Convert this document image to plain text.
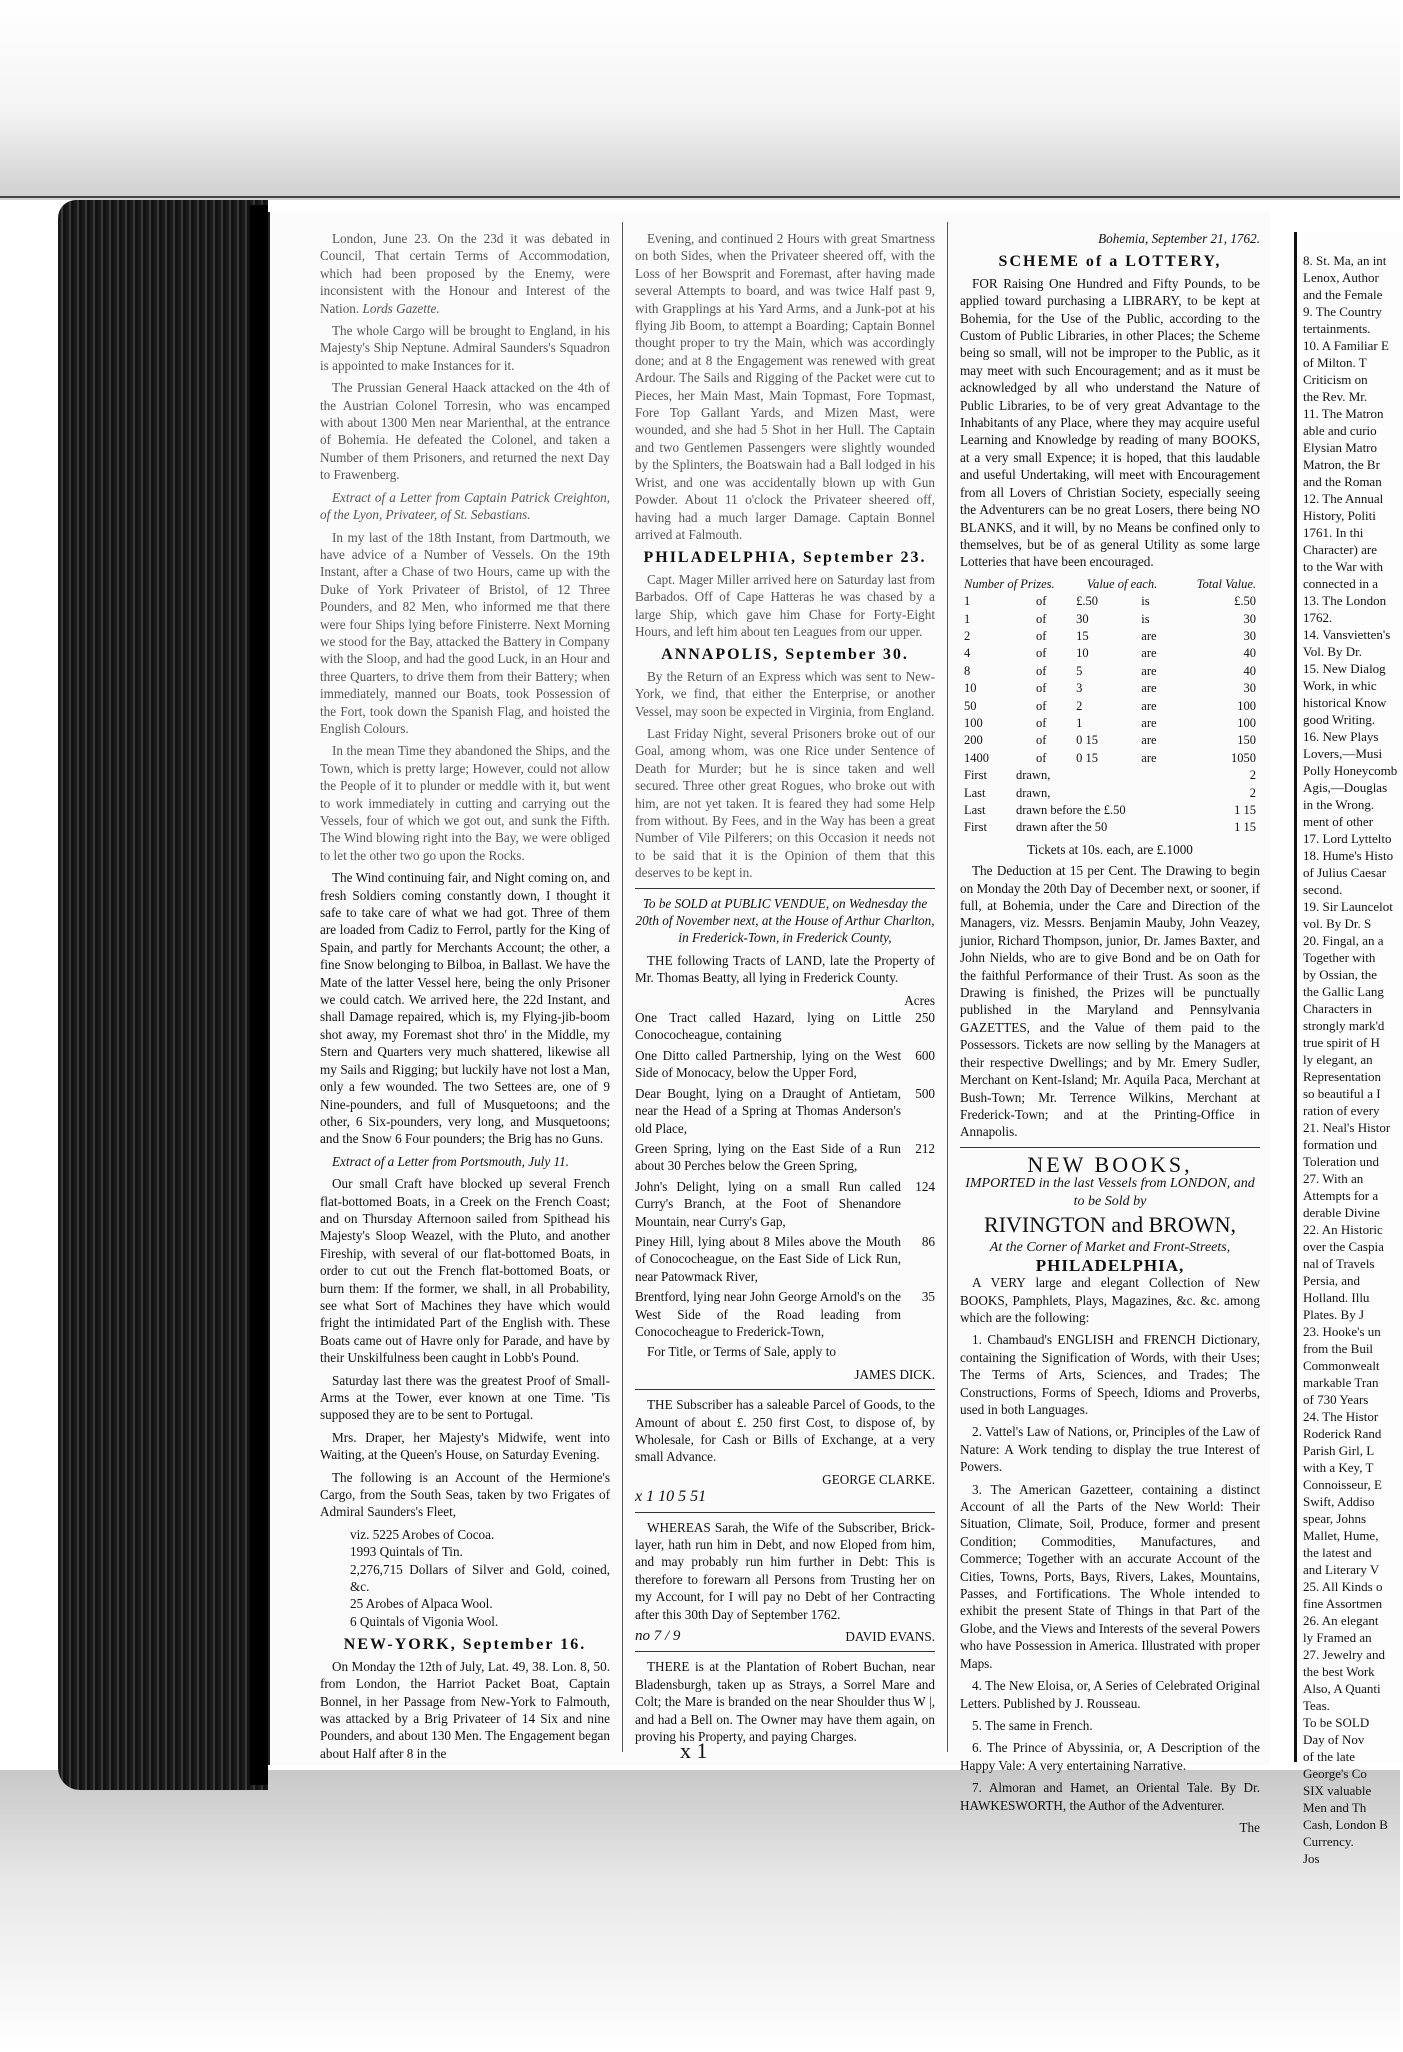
London, June 23. On the 23d it was debated in Council, That certain Terms of Accommodation, which had been proposed by the Enemy, were inconsistent with the Honour and Interest of the Nation. Lords Gazette.

The whole Cargo will be brought to England, in his Majesty's Ship Neptune. Admiral Saunders's Squadron is appointed to make Instances for it.

The Prussian General Haack attacked on the 4th of the Austrian Colonel Torresin, who was encamped with about 1300 Men near Marienthal, at the entrance of Bohemia. He defeated the Colonel, and taken a Number of them Prisoners, and returned the next Day to Frawenberg.

Extract of a Letter from Captain Patrick Creighton, of the Lyon, Privateer, of St. Sebastians.

In my last of the 18th Instant, from Dartmouth, we have advice of a Number of Vessels. On the 19th Instant, after a Chase of two Hours, came up with the Duke of York Privateer of Bristol, of 12 Three Pounders, and 82 Men, who informed me that there were four Ships lying before Finisterre. Next Morning we stood for the Bay, attacked the Battery in Company with the Sloop, and had the good Luck, in an Hour and three Quarters, to drive them from their Battery; when immediately, manned our Boats, took Possession of the Fort, took down the Spanish Flag, and hoisted the English Colours.

In the mean Time they abandoned the Ships, and the Town, which is pretty large; However, could not allow the People of it to plunder or meddle with it, but went to work immediately in cutting and carrying out the Vessels, four of which we got out, and sunk the Fifth. The Wind blowing right into the Bay, we were obliged to let the other two go upon the Rocks.

The Wind continuing fair, and Night coming on, and fresh Soldiers coming constantly down, I thought it safe to take care of what we had got. Three of them are loaded from Cadiz to Ferrol, partly for the King of Spain, and partly for Merchants Account; the other, a fine Snow belonging to Bilboa, in Ballast. We have the Mate of the latter Vessel here, being the only Prisoner we could catch. We arrived here, the 22d Instant, and shall Damage repaired, which is, my Flying-jib-boom shot away, my Foremast shot thro' in the Middle, my Stern and Quarters very much shattered, likewise all my Sails and Rigging; but luckily have not lost a Man, only a few wounded. The two Settees are, one of 9 Nine-pounders, and full of Musquetoons; and the other, 6 Six-pounders, very long, and Musquetoons; and the Snow 6 Four pounders; the Brig has no Guns.

Extract of a Letter from Portsmouth, July 11.

Our small Craft have blocked up several French flat-bottomed Boats, in a Creek on the French Coast; and on Thursday Afternoon sailed from Spithead his Majesty's Sloop Weazel, with the Pluto, and another Fireship, with several of our flat-bottomed Boats, in order to cut out the French flat-bottomed Boats, or burn them: If the former, we shall, in all Probability, see what Sort of Machines they have which would fright the intimidated Part of the English with. These Boats came out of Havre only for Parade, and have by their Unskilfulness been caught in Lobb's Pound.

Saturday last there was the greatest Proof of Small-Arms at the Tower, ever known at one Time. 'Tis supposed they are to be sent to Portugal.

Mrs. Draper, her Majesty's Midwife, went into Waiting, at the Queen's House, on Saturday Evening.

The following is an Account of the Hermione's Cargo, from the South Seas, taken by two Frigates of Admiral Saunders's Fleet,

viz. 5225 Arobes of Cocoa.
1993 Quintals of Tin.
2,276,715 Dollars of Silver and Gold, coined, &c.
25 Arobes of Alpaca Wool.
6 Quintals of Vigonia Wool.
NEW-YORK, September 16.

On Monday the 12th of July, Lat. 49, 38. Lon. 8, 50. from London, the Harriot Packet Boat, Captain Bonnel, in her Passage from New-York to Falmouth, was attacked by a Brig Privateer of 14 Six and nine Pounders, and about 130 Men. The Engagement began about Half after 8 in the

Evening, and continued 2 Hours with great Smartness on both Sides, when the Privateer sheered off, with the Loss of her Bowsprit and Foremast, after having made several Attempts to board, and was twice Half past 9, with Grapplings at his Yard Arms, and a Junk-pot at his flying Jib Boom, to attempt a Boarding; Captain Bonnel thought proper to try the Main, which was accordingly done; and at 8 the Engagement was renewed with great Ardour. The Sails and Rigging of the Packet were cut to Pieces, her Main Mast, Main Topmast, Fore Topmast, Fore Top Gallant Yards, and Mizen Mast, were wounded, and she had 5 Shot in her Hull. The Captain and two Gentlemen Passengers were slightly wounded by the Splinters, the Boatswain had a Ball lodged in his Wrist, and one was accidentally blown up with Gun Powder. About 11 o'clock the Privateer sheered off, having had a much larger Damage. Captain Bonnel arrived at Falmouth.

PHILADELPHIA, September 23.

Capt. Mager Miller arrived here on Saturday last from Barbados. Off of Cape Hatteras he was chased by a large Ship, which gave him Chase for Forty-Eight Hours, and left him about ten Leagues from our upper.

ANNAPOLIS, September 30.

By the Return of an Express which was sent to New-York, we find, that either the Enterprise, or another Vessel, may soon be expected in Virginia, from England.

Last Friday Night, several Prisoners broke out of our Goal, among whom, was one Rice under Sentence of Death for Murder; but he is since taken and well secured. Three other great Rogues, who broke out with him, are not yet taken. It is feared they had some Help from without. By Fees, and in the Way has been a great Number of Vile Pilferers; on this Occasion it needs not to be said that it is the Opinion of them that this deserves to be kept in.

To be SOLD at PUBLIC VENDUE, on Wednesday the 20th of November next, at the House of Arthur Charlton, in Frederick-Town, in Frederick County,

THE following Tracts of LAND, late the Property of Mr. Thomas Beatty, all lying in Frederick County.

Acres
One Tract called Hazard, lying on Little Conococheague, containing
250
One Ditto called Partnership, lying on the West Side of Monocacy, below the Upper Ford,
600
Dear Bought, lying on a Draught of Antietam, near the Head of a Spring at Thomas Anderson's old Place,
500
Green Spring, lying on the East Side of a Run about 30 Perches below the Green Spring,
212
John's Delight, lying on a small Run called Curry's Branch, at the Foot of Shenandore Mountain, near Curry's Gap,
124
Piney Hill, lying about 8 Miles above the Mouth of Conococheague, on the East Side of Lick Run, near Patowmack River,
86
Brentford, lying near John George Arnold's on the West Side of the Road leading from Conococheague to Frederick-Town,
35

For Title, or Terms of Sale, apply to

JAMES DICK.

THE Subscriber has a saleable Parcel of Goods, to the Amount of about £. 250 first Cost, to dispose of, by Wholesale, for Cash or Bills of Exchange, at a very small Advance.

GEORGE CLARKE.
x 1 10 5 51

WHEREAS Sarah, the Wife of the Subscriber, Brick-layer, hath run him in Debt, and now Eloped from him, and may probably run him further in Debt: This is therefore to forewarn all Persons from Trusting her on my Account, for I will pay no Debt of her Contracting after this 30th Day of September 1762.

no 7 / 9	DAVID EVANS.

THERE is at the Plantation of Robert Buchan, near Bladensburgh, taken up as Strays, a Sorrel Mare and Colt; the Mare is branded on the near Shoulder thus W |, and had a Bell on. The Owner may have them again, on proving his Property, and paying Charges.

Bohemia, September 21, 1762.
SCHEME of a LOTTERY,

FOR Raising One Hundred and Fifty Pounds, to be applied toward purchasing a LIBRARY, to be kept at Bohemia, for the Use of the Public, according to the Custom of Public Libraries, in other Places; the Scheme being so small, will not be improper to the Public, as it may meet with such Encouragement; and as it must be acknowledged by all who understand the Nature of Public Libraries, to be of very great Advantage to the Inhabitants of any Place, where they may acquire useful Learning and Knowledge by reading of many BOOKS, at a very small Expence; it is hoped, that this laudable and useful Undertaking, will meet with Encouragement from all Lovers of Christian Society, especially seeing the Adventurers can be no great Losers, there being NO BLANKS, and it will, by no Means be confined only to themselves, but be of as general Utility as some large Lotteries that have been encouraged.

Number of Prizes.		Value of each.		Total Value.
1	of	£.50	is	£.50
1	of	30	is	30
2	of	15	are	30
4	of	10	are	40
8	of	5	are	40
10	of	3	are	30
50	of	2	are	100
100	of	1	are	100
200	of	0 15	are	150
1400	of	0 15	are	1050
First	drawn,	2
Last	drawn,	2
Last	drawn before the £.50	1 15
First	drawn after the 50	1 15
Tickets at 10s. each, are £.1000

The Deduction at 15 per Cent. The Drawing to begin on Monday the 20th Day of December next, or sooner, if full, at Bohemia, under the Care and Direction of the Managers, viz. Messrs. Benjamin Mauby, John Veazey, junior, Richard Thompson, junior, Dr. James Baxter, and John Nields, who are to give Bond and be on Oath for the faithful Performance of their Trust. As soon as the Drawing is finished, the Prizes will be punctually published in the Maryland and Pennsylvania GAZETTES, and the Value of them paid to the Possessors. Tickets are now selling by the Managers at their respective Dwellings; and by Mr. Emery Sudler, Merchant on Kent-Island; Mr. Aquila Paca, Merchant at Bush-Town; Mr. Terrence Wilkins, Merchant at Frederick-Town; and at the Printing-Office in Annapolis.

NEW BOOKS,
IMPORTED in the last Vessels from LONDON, and to be Sold by
RIVINGTON and BROWN,
At the Corner of Market and Front-Streets,
PHILADELPHIA,

A VERY large and elegant Collection of New BOOKS, Pamphlets, Plays, Magazines, &c. &c. among which are the following:

1. Chambaud's ENGLISH and FRENCH Dictionary, containing the Signification of Words, with their Uses; The Terms of Arts, Sciences, and Trades; The Constructions, Forms of Speech, Idioms and Proverbs, used in both Languages.

2. Vattel's Law of Nations, or, Principles of the Law of Nature: A Work tending to display the true Interest of Powers.

3. The American Gazetteer, containing a distinct Account of all the Parts of the New World: Their Situation, Climate, Soil, Produce, former and present Condition; Commodities, Manufactures, and Commerce; Together with an accurate Account of the Cities, Towns, Ports, Bays, Rivers, Lakes, Mountains, Passes, and Fortifications. The Whole intended to exhibit the present State of Things in that Part of the Globe, and the Views and Interests of the several Powers who have Possession in America. Illustrated with proper Maps.

4. The New Eloisa, or, A Series of Celebrated Original Letters. Published by J. Rousseau.

5. The same in French.

6. The Prince of Abyssinia, or, A Description of the Happy Vale: A very entertaining Narrative.

7. Almoran and Hamet, an Oriental Tale. By Dr. HAWKESWORTH, the Author of the Adventurer.

The
x 1
8. St. Ma, an int
Lenox, Author
and the Female
9. The Country
tertainments.
10. A Familiar E
of Milton. T
Criticism on
the Rev. Mr.
11. The Matron
able and curio
Elysian Matro
Matron, the Br
and the Roman
12. The Annual
History, Politi
1761. In thi
Character) are
to the War with
connected in a
13. The London
1762.
14. Vansvietten's
Vol. By Dr.
15. New Dialog
Work, in whic
historical Know
good Writing.
16. New Plays
Lovers,—Musi
Polly Honeycomb
Agis,—Douglas
in the Wrong.
ment of other
17. Lord Lyttelto
18. Hume's Histo
of Julius Caesar
second.
19. Sir Launcelot
vol. By Dr. S
20. Fingal, an a
Together with
by Ossian, the
the Gallic Lang
Characters in
strongly mark'd
true spirit of H
ly elegant, an
Representation
so beautiful a I
ration of every
21. Neal's Histor
formation und
Toleration und
27. With an
Attempts for a
derable Divine
22. An Historic
over the Caspia
nal of Travels
Persia, and
Holland. Illu
Plates. By J
23. Hooke's un
from the Buil
Commonwealt
markable Tran
of 730 Years
24. The Histor
Roderick Rand
Parish Girl, L
with a Key, T
Connoisseur, E
Swift, Addiso
spear, Johns
Mallet, Hume,
the latest and
and Literary V
25. All Kinds o
fine Assortmen
26. An elegant
ly Framed an
27. Jewelry and
the best Work
Also, A Quanti
Teas.
To be SOLD
Day of Nov
of the late
George's Co
SIX valuable
Men and Th
Cash, London B
Currency.
Jos
